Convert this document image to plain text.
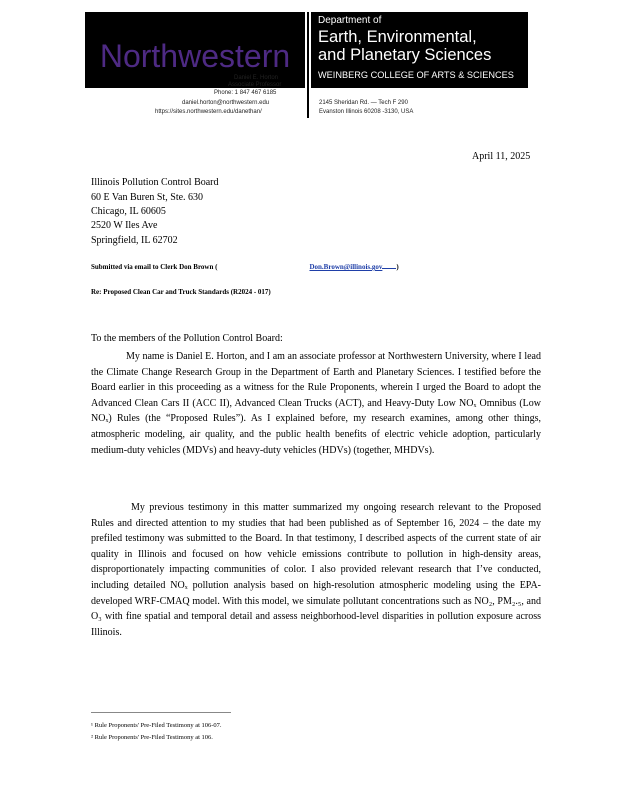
Northwestern
Department of
Earth, Environmental,
and Planetary Sciences
WEINBERG COLLEGE OF ARTS & SCIENCES
Daniel E. Horton
Associate Professor
Phone: 1 847 467 6185
daniel.horton@northwestern.edu
https://sites.northwestern.edu/danethan/
2145 Sheridan Rd. — Tech F 290
Evanston Illinois 60208 -3130, USA
April 11, 2025
Illinois Pollution Control Board
60 E Van Buren St, Ste. 630
Chicago, IL 60605
2520 W Iles Ave
Springfield, IL 62702
Submitted via email to Clerk Don Brown (	Don.Brown@illinois.gov )
Re: Proposed Clean Car and Truck Standards (R2024 - 017)
To the members of the Pollution Control Board:

My name is Daniel E. Horton, and I am an associate professor at Northwestern University, where I lead the Climate Change Research Group in the Department of Earth and Planetary Sciences. I testified before the Board earlier in this proceeding as a witness for the Rule Proponents, wherein I urged the Board to adopt the Advanced Clean Cars II (ACC II), Advanced Clean Trucks (ACT), and Heavy-Duty Low NOₓ Omnibus (Low NOₓ) Rules (the “Proposed Rules”). As I explained before, my research examines, among other things, atmospheric modeling, air quality, and the public health benefits of electric vehicle adoption, particularly medium-duty vehicles (MDVs) and heavy-duty vehicles (HDVs) (together, MHDVs).

My previous testimony in this matter summarized my ongoing research relevant to the Proposed Rules and directed attention to my studies that had been published as of September 16, 2024 – the date my prefiled testimony was submitted to the Board. In that testimony, I described aspects of the current state of air quality in Illinois and focused on how vehicle emissions contribute to pollution in high-density areas, disproportionately impacting communities of color. I also provided relevant research that I’ve conducted, including detailed NOₓ pollution analysis based on high-resolution atmospheric modeling using the EPA-developed WRF-CMAQ model. With this model, we simulate pollutant concentrations such as NO₂, PM₂.₅, and O₃ with fine spatial and temporal detail and assess neighborhood-level disparities in pollution exposure across Illinois.

¹ Rule Proponents' Pre-Filed Testimony at 106-07.
² Rule Proponents' Pre-Filed Testimony at 106.
